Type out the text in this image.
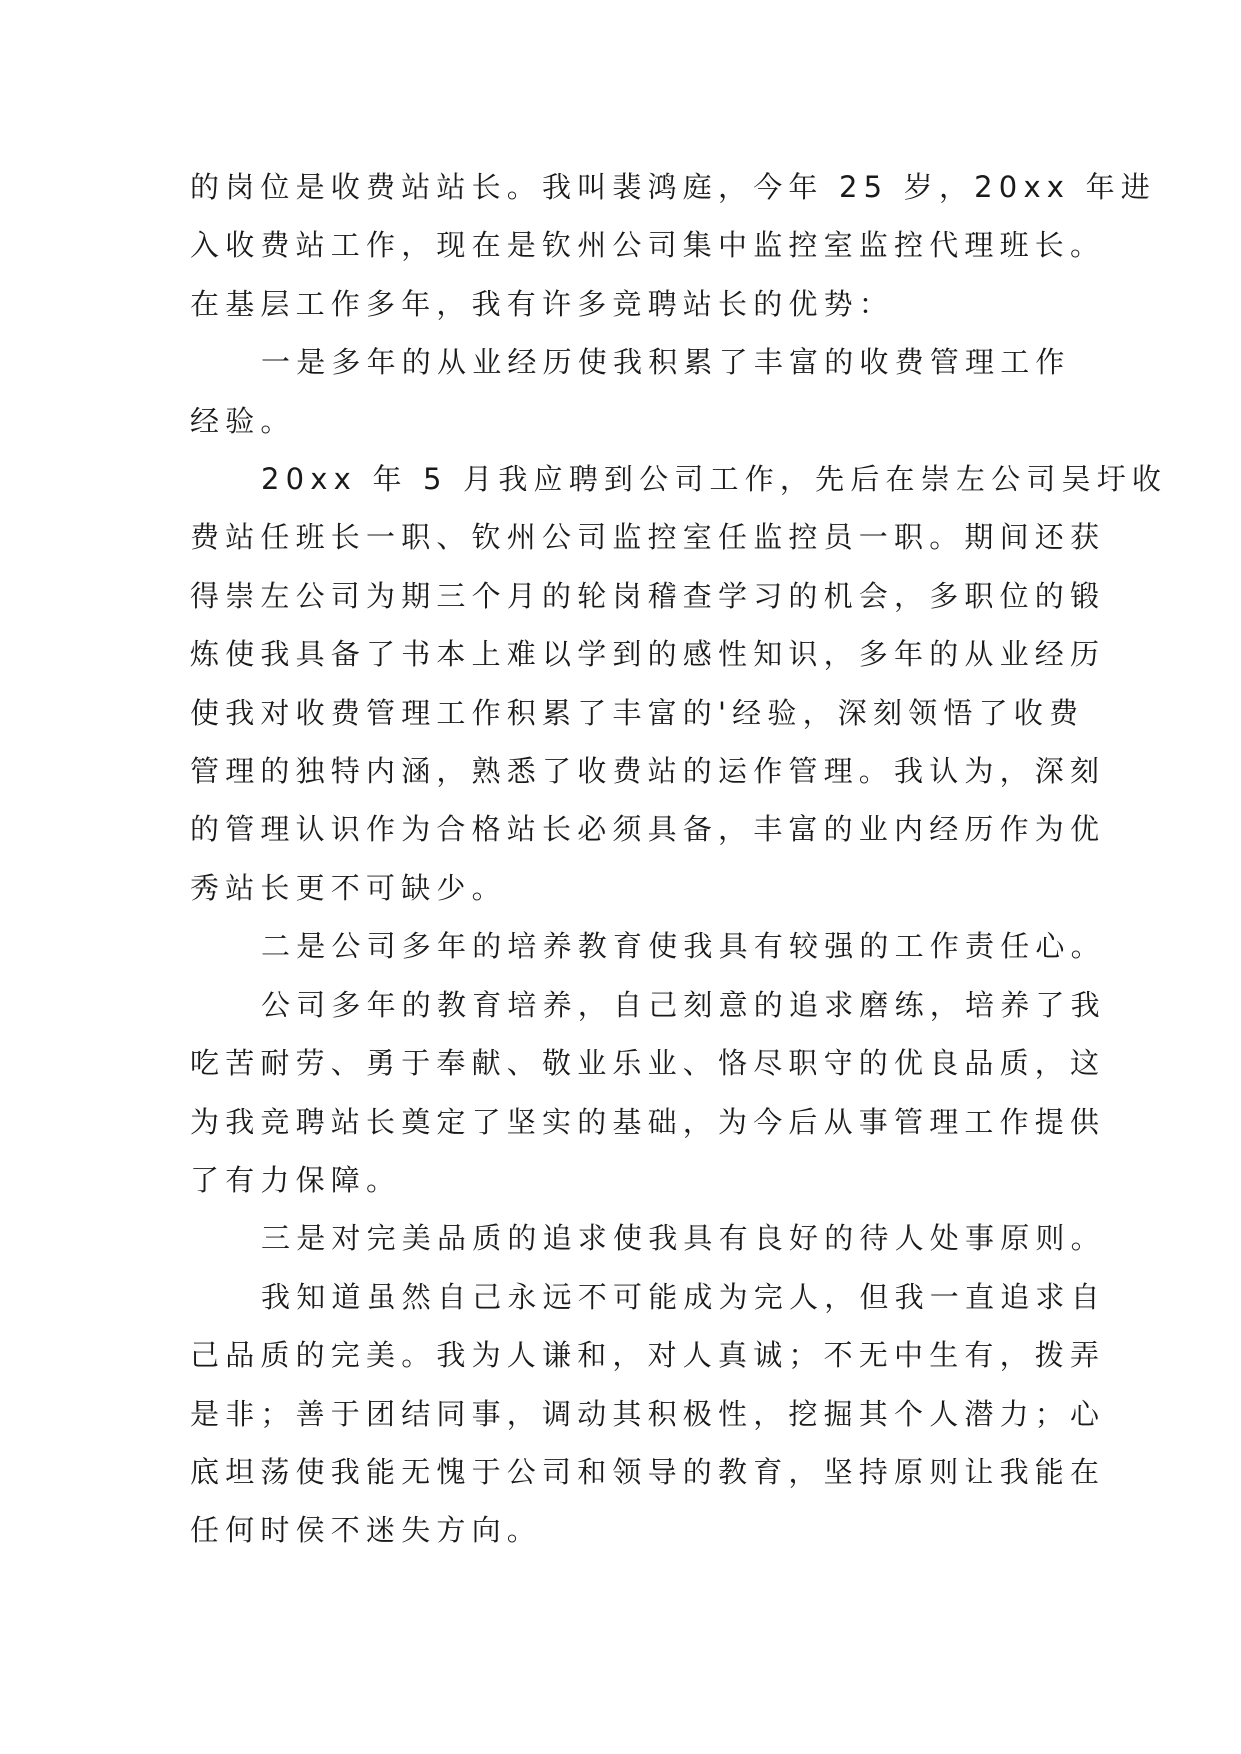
的岗位是收费站站长。我叫裴鸿庭，今年 25 岁，20xx 年进
入收费站工作，现在是钦州公司集中监控室监控代理班长。
在基层工作多年，我有许多竞聘站长的优势：

一是多年的从业经历使我积累了丰富的收费管理工作
经验。

20xx 年 5 月我应聘到公司工作，先后在崇左公司吴圩收
费站任班长一职、钦州公司监控室任监控员一职。期间还获
得崇左公司为期三个月的轮岗稽查学习的机会，多职位的锻
炼使我具备了书本上难以学到的感性知识，多年的从业经历
使我对收费管理工作积累了丰富的'经验，深刻领悟了收费
管理的独特内涵，熟悉了收费站的运作管理。我认为，深刻
的管理认识作为合格站长必须具备，丰富的业内经历作为优
秀站长更不可缺少。

二是公司多年的培养教育使我具有较强的工作责任心。

公司多年的教育培养，自己刻意的追求磨练，培养了我
吃苦耐劳、勇于奉献、敬业乐业、恪尽职守的优良品质，这
为我竞聘站长奠定了坚实的基础，为今后从事管理工作提供
了有力保障。

三是对完美品质的追求使我具有良好的待人处事原则。

我知道虽然自己永远不可能成为完人，但我一直追求自
己品质的完美。我为人谦和，对人真诚；不无中生有，拨弄
是非；善于团结同事，调动其积极性，挖掘其个人潜力；心
底坦荡使我能无愧于公司和领导的教育，坚持原则让我能在
任何时侯不迷失方向。
